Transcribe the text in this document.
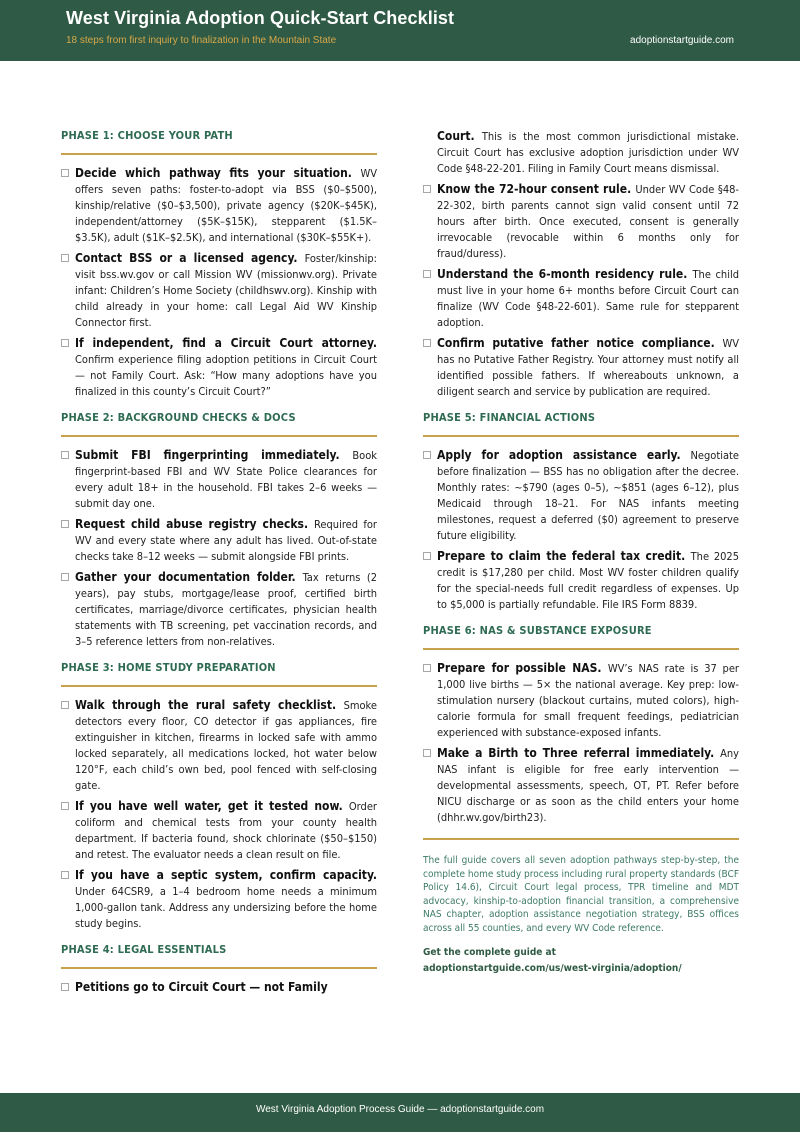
West Virginia Adoption Quick-Start Checklist
18 steps from first inquiry to finalization in the Mountain State	adoptionstartguide.com
PHASE 1: CHOOSE YOUR PATH
Decide which pathway fits your situation. WV offers seven paths: foster-to-adopt via BSS ($0–$500), kinship/relative ($0–$3,500), private agency ($20K–$45K), independent/attorney ($5K–$15K), stepparent ($1.5K–$3.5K), adult ($1K–$2.5K), and international ($30K–$55K+).
Contact BSS or a licensed agency. Foster/kinship: visit bss.wv.gov or call Mission WV (missionwv.org). Private infant: Children’s Home Society (childhswv.org). Kinship with child already in your home: call Legal Aid WV Kinship Connector first.
If independent, find a Circuit Court attorney. Confirm experience filing adoption petitions in Circuit Court — not Family Court. Ask: “How many adoptions have you finalized in this county’s Circuit Court?”
PHASE 2: BACKGROUND CHECKS & DOCS
Submit FBI fingerprinting immediately. Book fingerprint-based FBI and WV State Police clearances for every adult 18+ in the household. FBI takes 2–6 weeks — submit day one.
Request child abuse registry checks. Required for WV and every state where any adult has lived. Out-of-state checks take 8–12 weeks — submit alongside FBI prints.
Gather your documentation folder. Tax returns (2 years), pay stubs, mortgage/lease proof, certified birth certificates, marriage/divorce certificates, physician health statements with TB screening, pet vaccination records, and 3–5 reference letters from non-relatives.
PHASE 3: HOME STUDY PREPARATION
Walk through the rural safety checklist. Smoke detectors every floor, CO detector if gas appliances, fire extinguisher in kitchen, firearms in locked safe with ammo locked separately, all medications locked, hot water below 120°F, each child’s own bed, pool fenced with self-closing gate.
If you have well water, get it tested now. Order coliform and chemical tests from your county health department. If bacteria found, shock chlorinate ($50–$150) and retest. The evaluator needs a clean result on file.
If you have a septic system, confirm capacity. Under 64CSR9, a 1–4 bedroom home needs a minimum 1,000-gallon tank. Address any undersizing before the home study begins.
PHASE 4: LEGAL ESSENTIALS
Petitions go to Circuit Court — not Family
Court. This is the most common jurisdictional mistake. Circuit Court has exclusive adoption jurisdiction under WV Code §48-22-201. Filing in Family Court means dismissal.
Know the 72-hour consent rule. Under WV Code §48-22-302, birth parents cannot sign valid consent until 72 hours after birth. Once executed, consent is generally irrevocable (revocable within 6 months only for fraud/duress).
Understand the 6-month residency rule. The child must live in your home 6+ months before Circuit Court can finalize (WV Code §48-22-601). Same rule for stepparent adoption.
Confirm putative father notice compliance. WV has no Putative Father Registry. Your attorney must notify all identified possible fathers. If whereabouts unknown, a diligent search and service by publication are required.
PHASE 5: FINANCIAL ACTIONS
Apply for adoption assistance early. Negotiate before finalization — BSS has no obligation after the decree. Monthly rates: ~$790 (ages 0–5), ~$851 (ages 6–12), plus Medicaid through 18–21. For NAS infants meeting milestones, request a deferred ($0) agreement to preserve future eligibility.
Prepare to claim the federal tax credit. The 2025 credit is $17,280 per child. Most WV foster children qualify for the special-needs full credit regardless of expenses. Up to $5,000 is partially refundable. File IRS Form 8839.
PHASE 6: NAS & SUBSTANCE EXPOSURE
Prepare for possible NAS. WV’s NAS rate is 37 per 1,000 live births — 5× the national average. Key prep: low-stimulation nursery (blackout curtains, muted colors), high-calorie formula for small frequent feedings, pediatrician experienced with substance-exposed infants.
Make a Birth to Three referral immediately. Any NAS infant is eligible for free early intervention — developmental assessments, speech, OT, PT. Refer before NICU discharge or as soon as the child enters your home (dhhr.wv.gov/birth23).
The full guide covers all seven adoption pathways step-by-step, the complete home study process including rural property standards (BCF Policy 14.6), Circuit Court legal process, TPR timeline and MDT advocacy, kinship-to-adoption financial transition, a comprehensive NAS chapter, adoption assistance negotiation strategy, BSS offices across all 55 counties, and every WV Code reference.
Get the complete guide at
adoptionstartguide.com/us/west-virginia/adoption/
West Virginia Adoption Process Guide — adoptionstartguide.com
